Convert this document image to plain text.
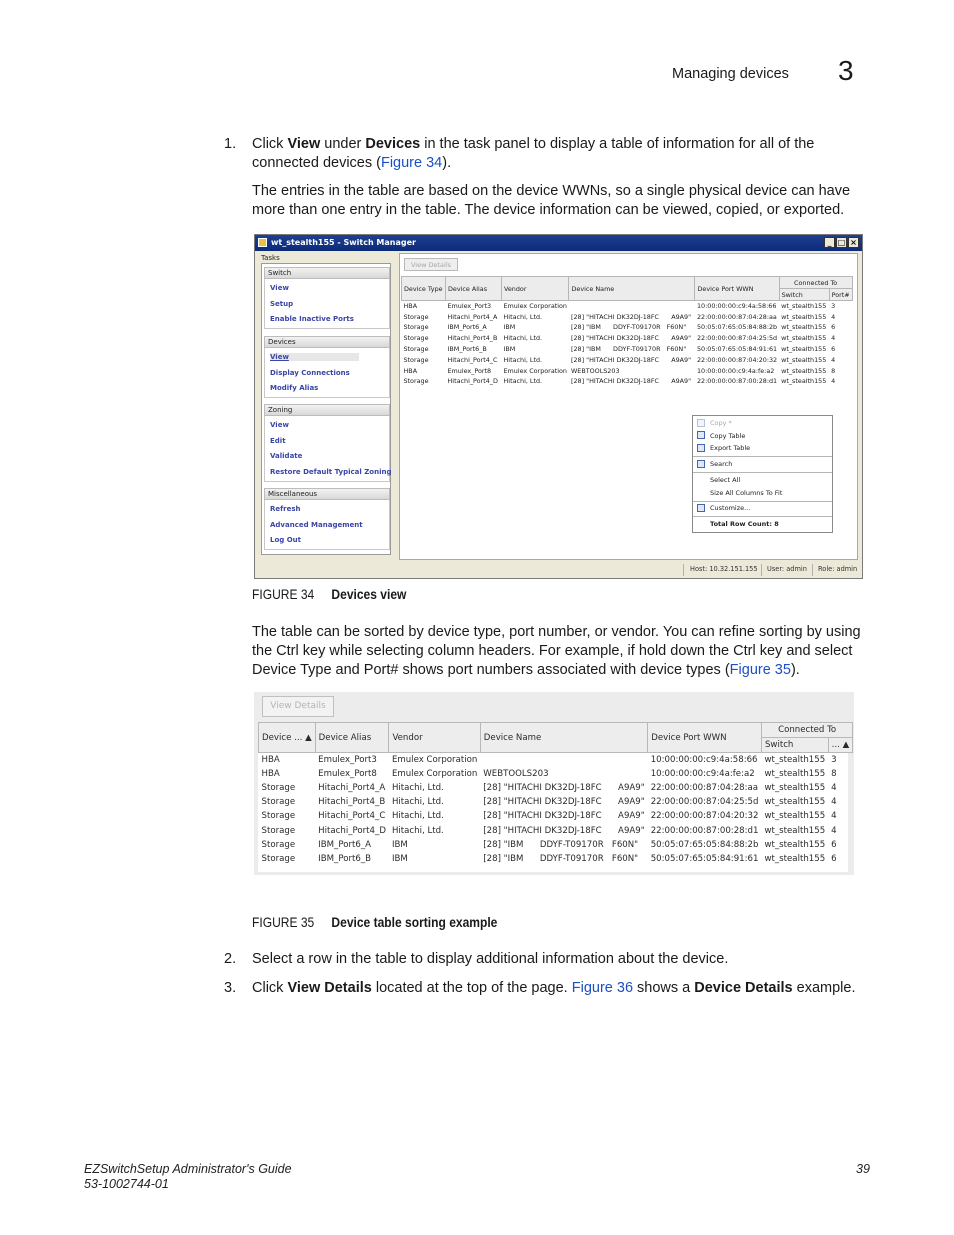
Managing devices 3
1. Click View under Devices in the task panel to display a table of information for all of the
connected devices (Figure 34).
The entries in the table are based on the device WWNs, so a single physical device can have
more than one entry in the table. The device information can be viewed, copied, or exported.
wt_stealth155 - Switch Manager	_ □ ×
Tasks
Switch
View
Setup
Enable Inactive Ports
Devices
View
Display Connections
Modify Alias
Zoning
View
Edit
Validate
Restore Default Typical Zoning
Miscellaneous
Refresh
Advanced Management
Log Out
View Details
Device Type	Device Alias	Vendor	Device Name	Device Port WWN	Connected To	
					Switch	Port#
HBA	Emulex_Port3	Emulex Corporation		10:00:00:00:c9:4a:58:66	wt_stealth155	3
Storage	Hitachi_Port4_A	Hitachi, Ltd.	[28] "HITACHI DK32DJ-18FC      A9A9"	22:00:00:00:87:04:28:aa	wt_stealth155	4
Storage	IBM_Port6_A	IBM	[28] "IBM      DDYF-T09170R   F60N"	50:05:07:65:05:84:88:2b	wt_stealth155	6
Storage	Hitachi_Port4_B	Hitachi, Ltd.	[28] "HITACHI DK32DJ-18FC      A9A9"	22:00:00:00:87:04:25:5d	wt_stealth155	4
Storage	IBM_Port6_B	IBM	[28] "IBM      DDYF-T09170R   F60N"	50:05:07:65:05:84:91:61	wt_stealth155	6
Storage	Hitachi_Port4_C	Hitachi, Ltd.	[28] "HITACHI DK32DJ-18FC      A9A9"	22:00:00:00:87:04:20:32	wt_stealth155	4
HBA	Emulex_Port8	Emulex Corporation	WEBTOOLS203	10:00:00:00:c9:4a:fe:a2	wt_stealth155	8
Storage	Hitachi_Port4_D	Hitachi, Ltd.	[28] "HITACHI DK32DJ-18FC      A9A9"	22:00:00:00:87:00:28:d1	wt_stealth155	4
Copy *
Copy Table
Export Table
Search
Select All
Size All Columns To Fit
Customize...
Total Row Count: 8
Host: 10.32.151.155 User: admin Role: admin
FIGURE 34 Devices view
The table can be sorted by device type, port number, or vendor. You can refine sorting by using
the Ctrl key while selecting column headers. For example, if hold down the Ctrl key and select
Device Type and Port# shows port numbers associated with device types (Figure 35).
View Details
Device ... ▲	Device Alias	Vendor	Device Name	Device Port WWN	Connected To	
					Switch	... ▲
HBA	Emulex_Port3	Emulex Corporation		10:00:00:00:c9:4a:58:66	wt_stealth155	3
HBA	Emulex_Port8	Emulex Corporation	WEBTOOLS203	10:00:00:00:c9:4a:fe:a2	wt_stealth155	8
Storage	Hitachi_Port4_A	Hitachi, Ltd.	[28] "HITACHI DK32DJ-18FC      A9A9"	22:00:00:00:87:04:28:aa	wt_stealth155	4
Storage	Hitachi_Port4_B	Hitachi, Ltd.	[28] "HITACHI DK32DJ-18FC      A9A9"	22:00:00:00:87:04:25:5d	wt_stealth155	4
Storage	Hitachi_Port4_C	Hitachi, Ltd.	[28] "HITACHI DK32DJ-18FC      A9A9"	22:00:00:00:87:04:20:32	wt_stealth155	4
Storage	Hitachi_Port4_D	Hitachi, Ltd.	[28] "HITACHI DK32DJ-18FC      A9A9"	22:00:00:00:87:00:28:d1	wt_stealth155	4
Storage	IBM_Port6_A	IBM	[28] "IBM      DDYF-T09170R   F60N"	50:05:07:65:05:84:88:2b	wt_stealth155	6
Storage	IBM_Port6_B	IBM	[28] "IBM      DDYF-T09170R   F60N"	50:05:07:65:05:84:91:61	wt_stealth155	6
FIGURE 35 Device table sorting example
2. Select a row in the table to display additional information about the device.
3. Click View Details located at the top of the page. Figure 36 shows a Device Details example.
EZSwitchSetup Administrator's Guide
53-1002744-01
39
